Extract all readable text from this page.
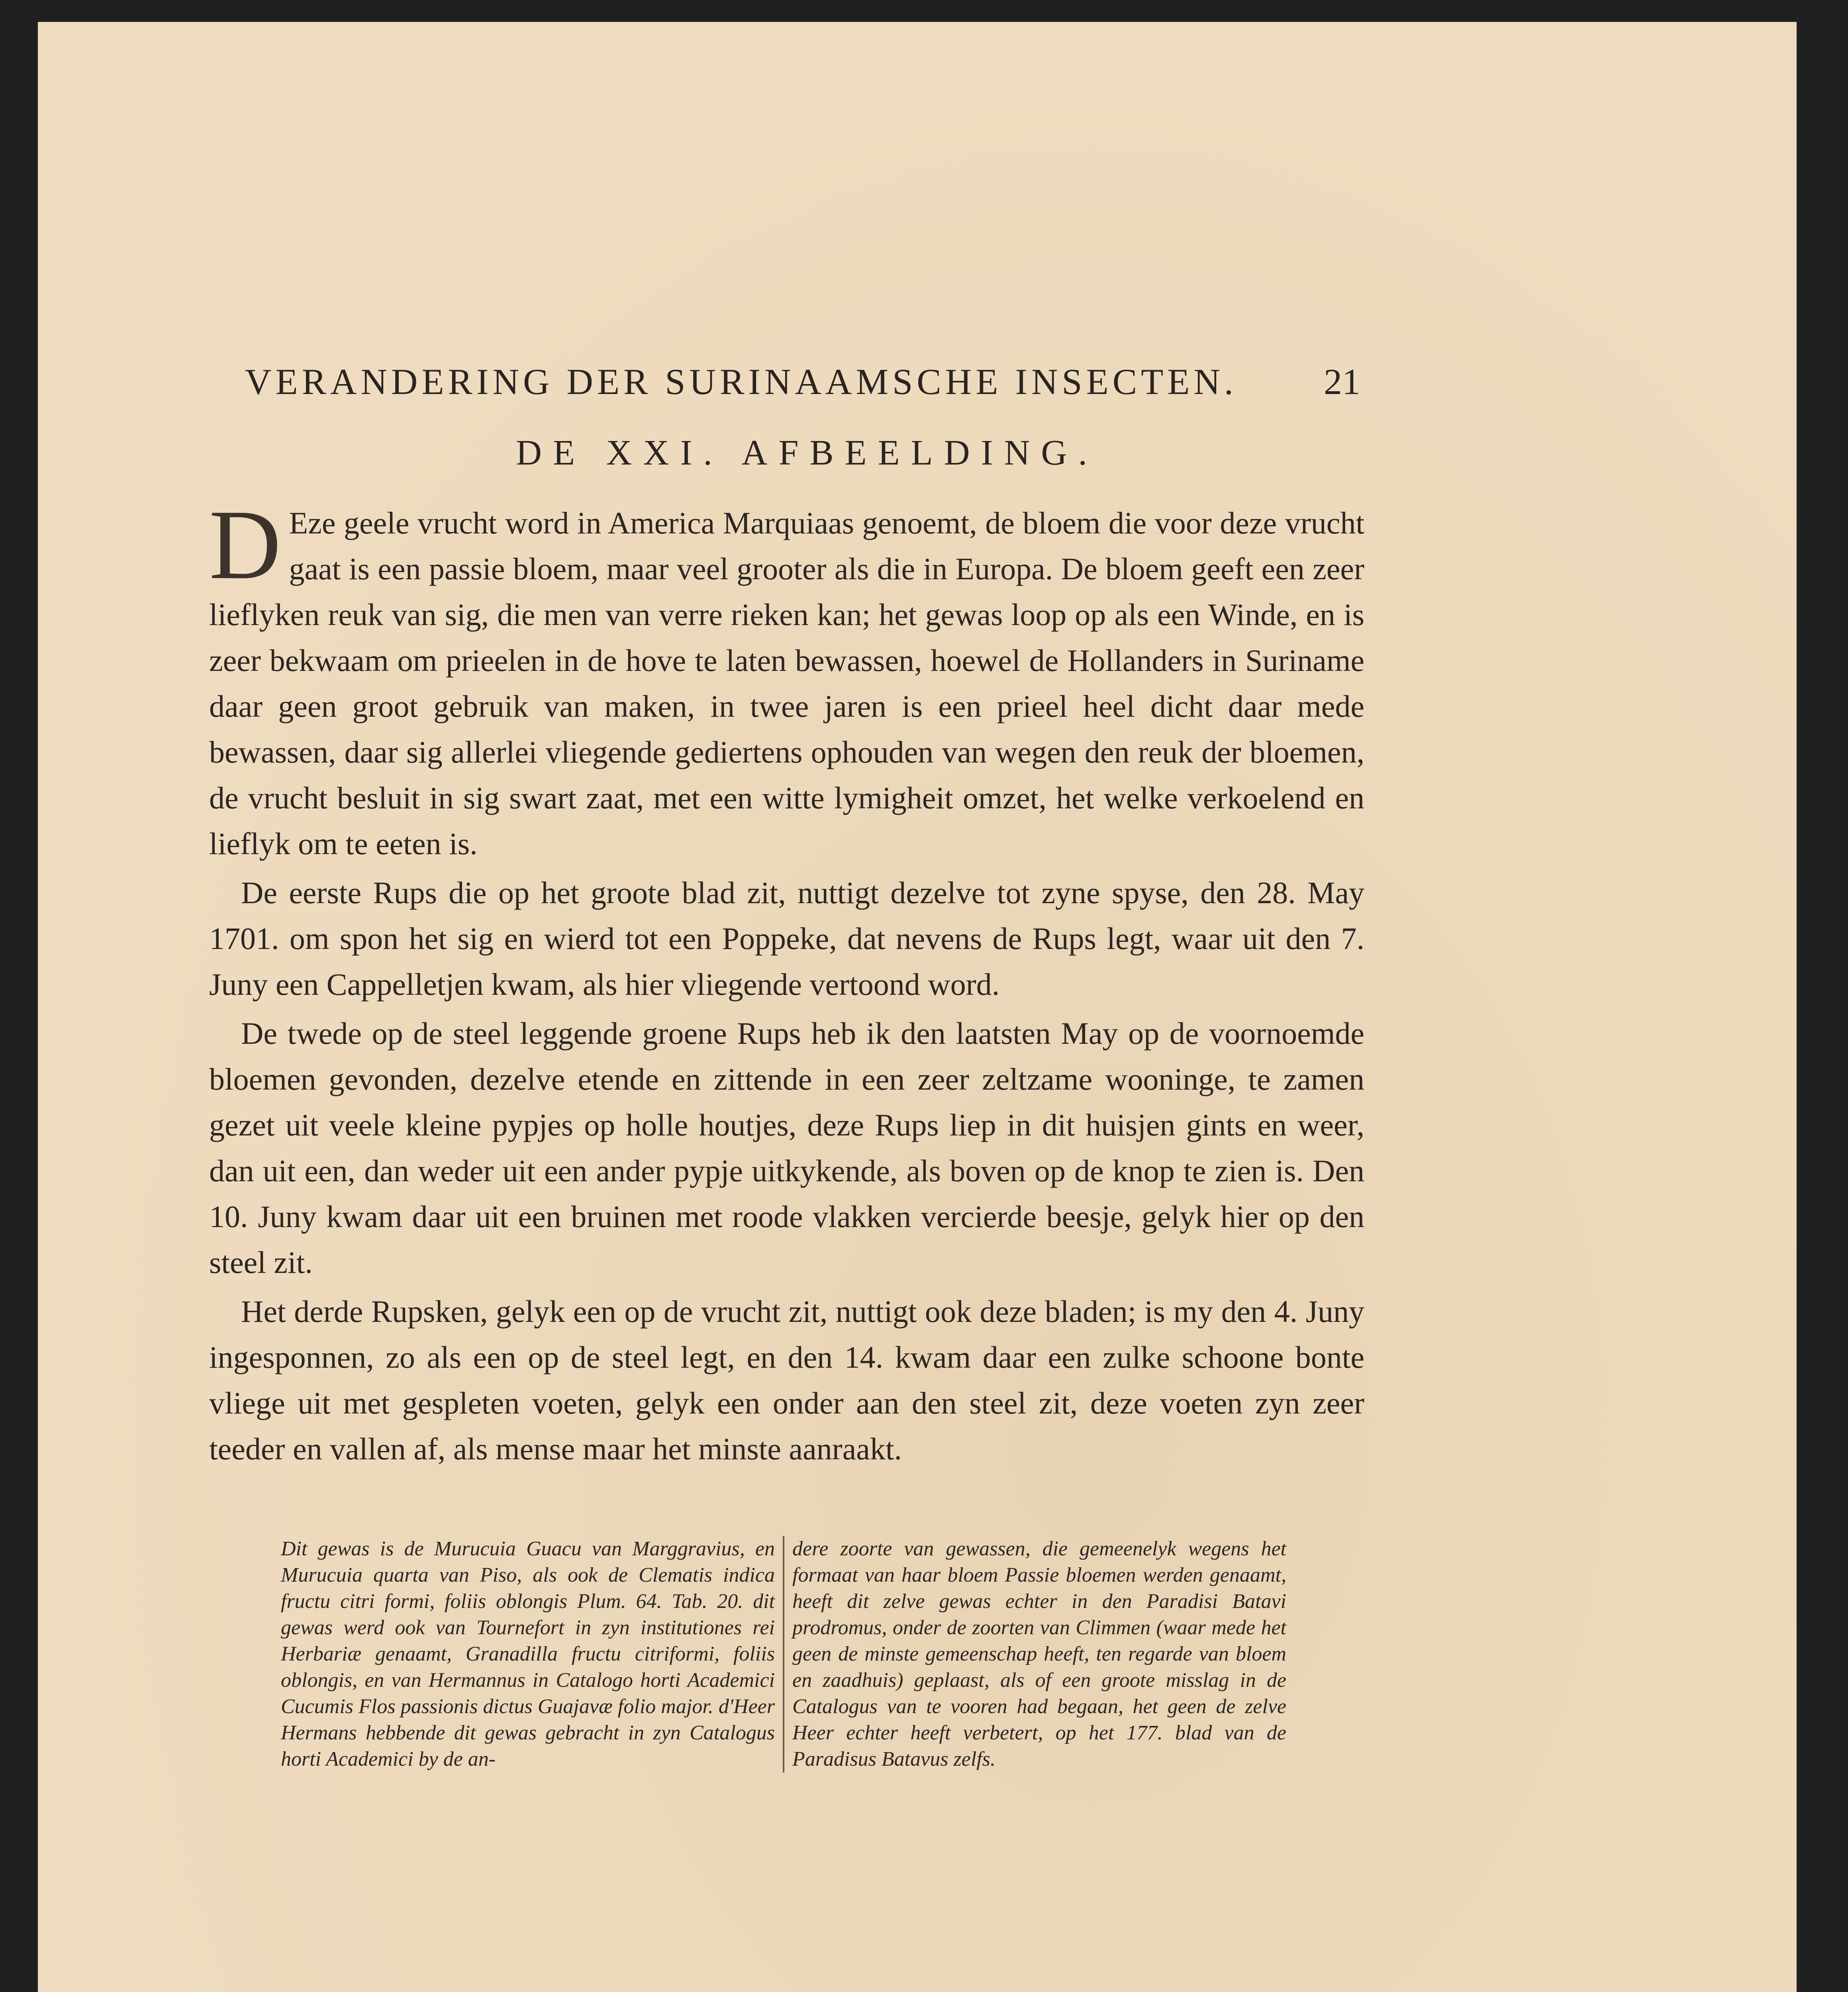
VERANDERING DER SURINAAMSCHE INSECTEN. 21
DE XXI. AFBEELDING.

D Eze geele vrucht word in America Marquiaas genoemt, de bloem die voor deze vrucht gaat is een passie bloem, maar veel grooter als die in Europa. De bloem geeft een zeer lieflyken reuk van sig, die men van verre rieken kan; het gewas loop op als een Winde, en is zeer bekwaam om prieelen in de hove te laten bewassen, hoewel de Hollanders in Suriname daar geen groot gebruik van maken, in twee jaren is een prieel heel dicht daar mede bewassen, daar sig allerlei vliegende gediertens ophouden van wegen den reuk der bloemen, de vrucht besluit in sig swart zaat, met een witte lymigheit omzet, het welke verkoelend en lieflyk om te eeten is.

De eerste Rups die op het groote blad zit, nuttigt dezelve tot zyne spyse, den 28. May 1701. om spon het sig en wierd tot een Poppeke, dat nevens de Rups legt, waar uit den 7. Juny een Cappelletjen kwam, als hier vliegende vertoond word.

De twede op de steel leggende groene Rups heb ik den laatsten May op de voornoemde bloemen gevonden, dezelve etende en zittende in een zeer zeltzame wooninge, te zamen gezet uit veele kleine pypjes op holle houtjes, deze Rups liep in dit huisjen gints en weer, dan uit een, dan weder uit een ander pypje uitkykende, als boven op de knop te zien is. Den 10. Juny kwam daar uit een bruinen met roode vlakken vercierde beesje, gelyk hier op den steel zit.

Het derde Rupsken, gelyk een op de vrucht zit, nuttigt ook deze bladen; is my den 4. Juny ingesponnen, zo als een op de steel legt, en den 14. kwam daar een zulke schoone bonte vliege uit met gespleten voeten, gelyk een onder aan den steel zit, deze voeten zyn zeer teeder en vallen af, als mense maar het minste aanraakt.

Dit gewas is de Murucuia Guacu van Marggravius, en Murucuia quarta van Piso, als ook de Clematis indica fructu citri formi, foliis oblongis Plum. 64. Tab. 20. dit gewas werd ook van Tournefort in zyn institutiones rei Herbariæ genaamt, Granadilla fructu citriformi, foliis oblongis, en van Hermannus in Catalogo horti Academici Cucumis Flos passionis dictus Guajavæ folio major. d'Heer Hermans hebbende dit gewas gebracht in zyn Catalogus horti Academici by de an-
dere zoorte van gewassen, die gemeenelyk wegens het formaat van haar bloem Passie bloemen werden genaamt, heeft dit zelve gewas echter in den Paradisi Batavi prodromus, onder de zoorten van Climmen (waar mede het geen de minste gemeenschap heeft, ten regarde van bloem en zaadhuis) geplaast, als of een groote misslag in de Catalogus van te vooren had begaan, het geen de zelve Heer echter heeft verbetert, op het 177. blad van de Paradisus Batavus zelfs.
